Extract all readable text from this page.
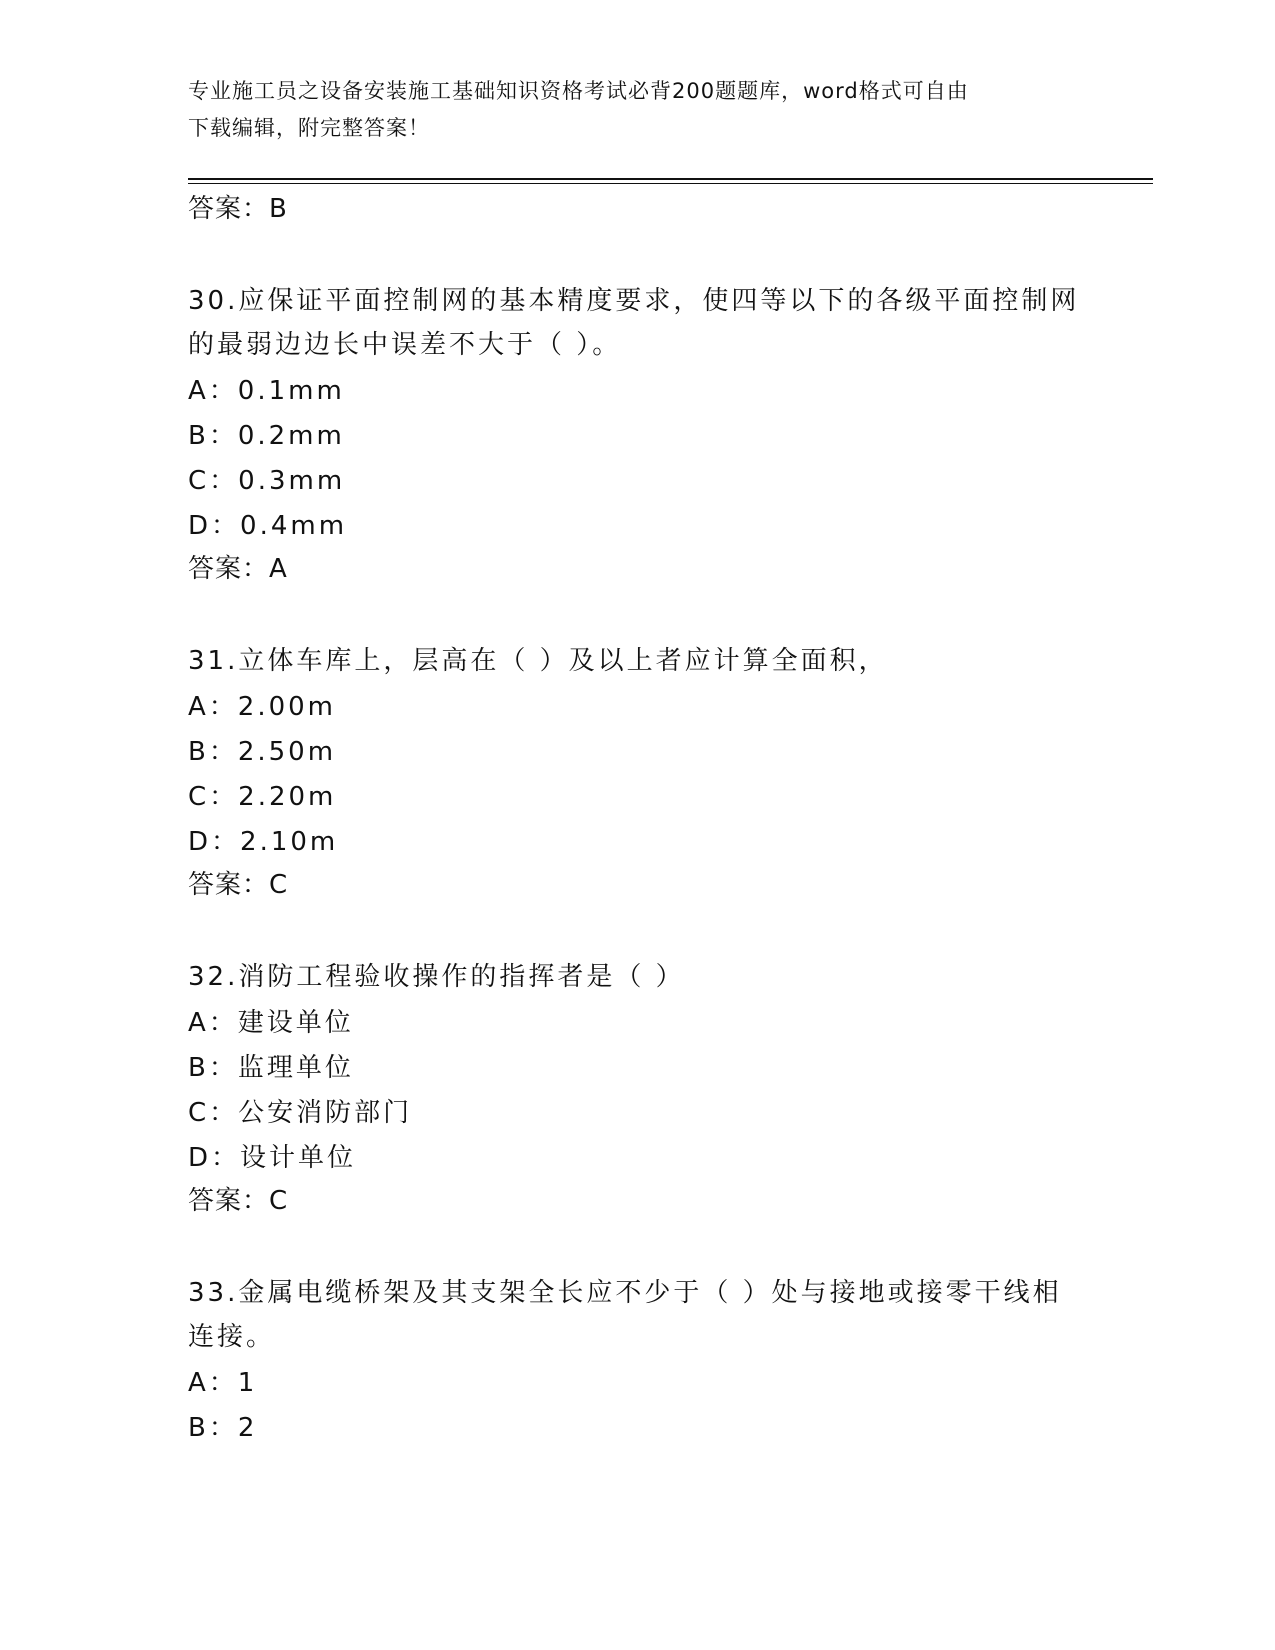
专业施工员之设备安装施工基础知识资格考试必背200题题库，word格式可自由
下载编辑，附完整答案！
答案：B
30.应保证平面控制网的基本精度要求，使四等以下的各级平面控制网
的最弱边边长中误差不大于（ ）。
A：0.1mm
B：0.2mm
C：0.3mm
D：0.4mm
答案：A
31.立体车库上，层高在（ ）及以上者应计算全面积，
A：2.00m
B：2.50m
C：2.20m
D：2.10m
答案：C
32.消防工程验收操作的指挥者是（ ）
A：建设单位
B：监理单位
C：公安消防部门
D：设计单位
答案：C
33.金属电缆桥架及其支架全长应不少于（ ）处与接地或接零干线相
连接。
A：1
B：2
